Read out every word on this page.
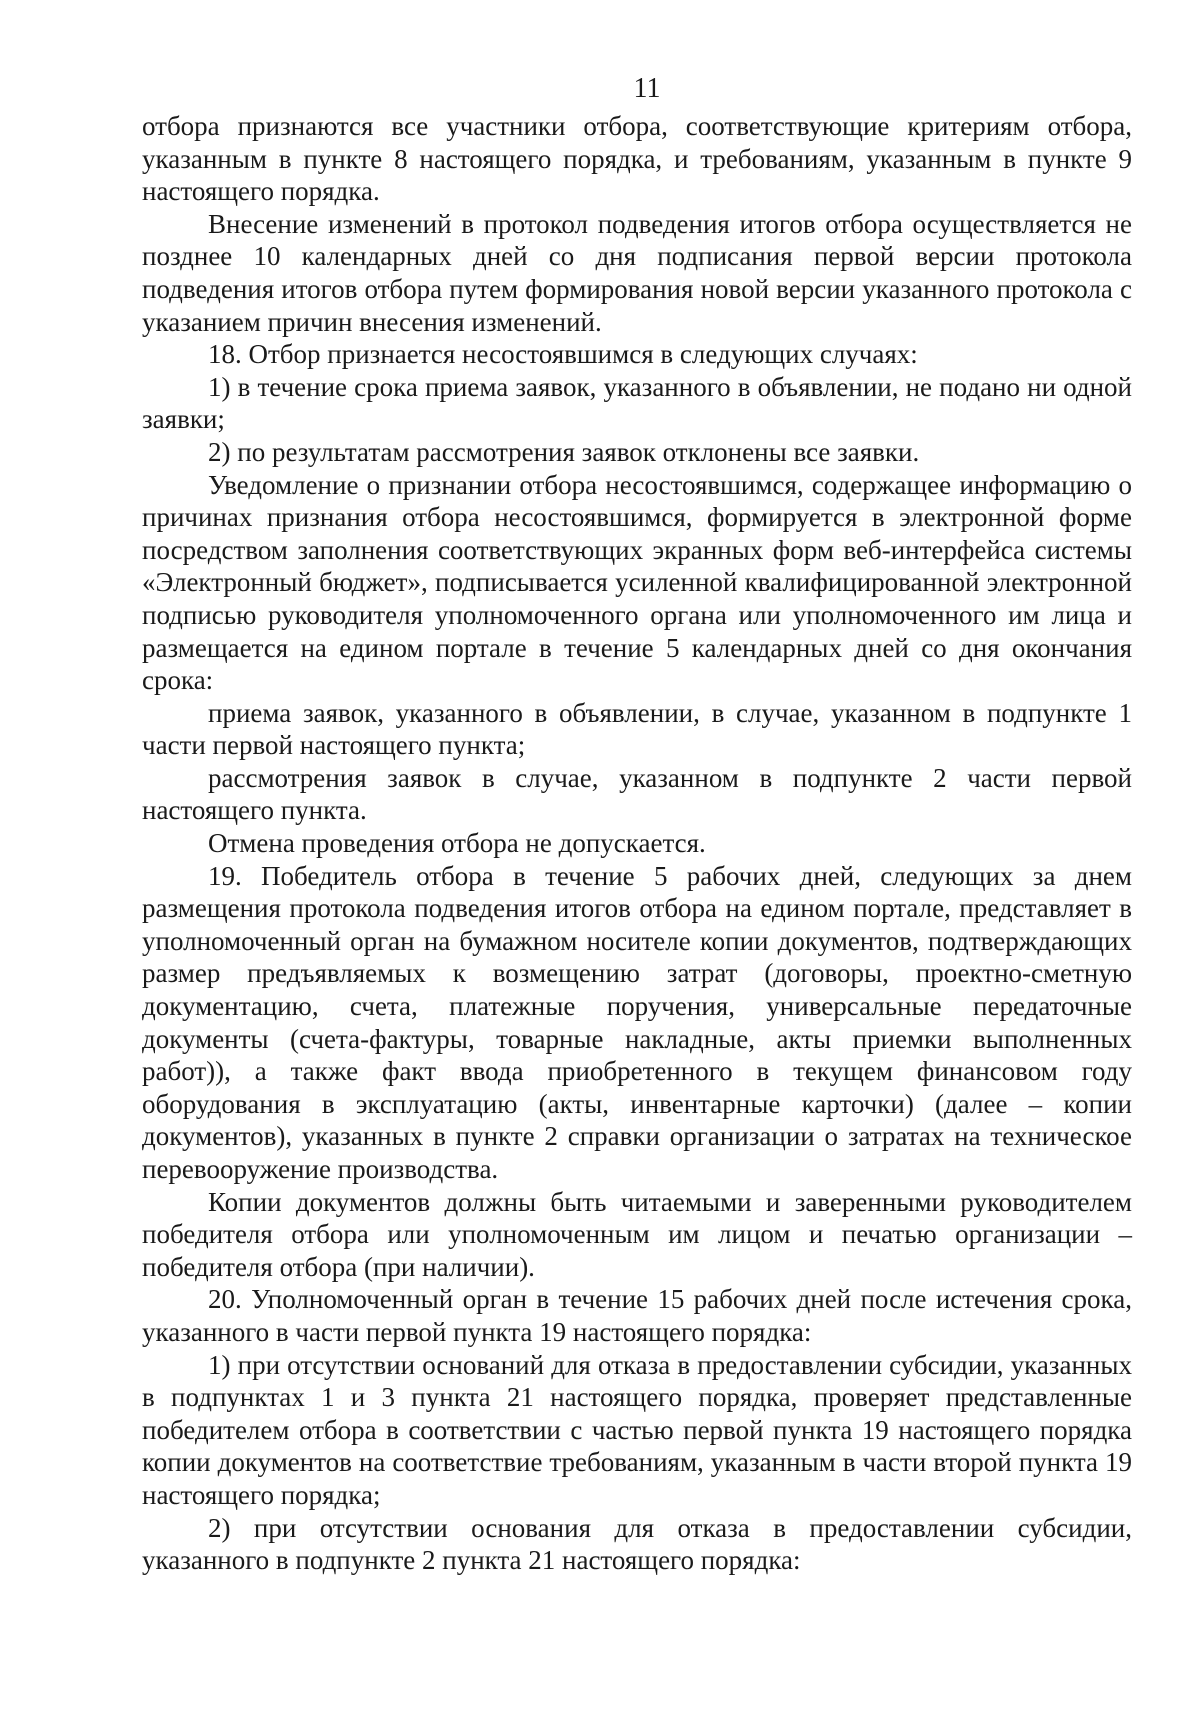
11

отбора признаются все участники отбора, соответствующие критериям отбора, указанным в пункте 8 настоящего порядка, и требованиям, указанным в пункте 9 настоящего порядка.

Внесение изменений в протокол подведения итогов отбора осуществляется не позднее 10 календарных дней со дня подписания первой версии протокола подведения итогов отбора путем формирования новой версии указанного протокола с указанием причин внесения изменений.

18. Отбор признается несостоявшимся в следующих случаях:

1) в течение срока приема заявок, указанного в объявлении, не подано ни одной заявки;

2) по результатам рассмотрения заявок отклонены все заявки.

Уведомление о признании отбора несостоявшимся, содержащее информацию о причинах признания отбора несостоявшимся, формируется в электронной форме посредством заполнения соответствующих экранных форм веб-интерфейса системы «Электронный бюджет», подписывается усиленной квалифицированной электронной подписью руководителя уполномоченного органа или уполномоченного им лица и размещается на едином портале в течение 5 календарных дней со дня окончания срока:

приема заявок, указанного в объявлении, в случае, указанном в подпункте 1 части первой настоящего пункта;

рассмотрения заявок в случае, указанном в подпункте 2 части первой настоящего пункта.

Отмена проведения отбора не допускается.

19. Победитель отбора в течение 5 рабочих дней, следующих за днем размещения протокола подведения итогов отбора на едином портале, представляет в уполномоченный орган на бумажном носителе копии документов, подтверждающих размер предъявляемых к возмещению затрат (договоры, проектно-сметную документацию, счета, платежные поручения, универсальные передаточные документы (счета-фактуры, товарные накладные, акты приемки выполненных работ)), а также факт ввода приобретенного в текущем финансовом году оборудования в эксплуатацию (акты, инвентарные карточки) (далее – копии документов), указанных в пункте 2 справки организации о затратах на техническое перевооружение производства.

Копии документов должны быть читаемыми и заверенными руководителем победителя отбора или уполномоченным им лицом и печатью организации – победителя отбора (при наличии).

20. Уполномоченный орган в течение 15 рабочих дней после истечения срока, указанного в части первой пункта 19 настоящего порядка:

1) при отсутствии оснований для отказа в предоставлении субсидии, указанных в подпунктах 1 и 3 пункта 21 настоящего порядка, проверяет представленные победителем отбора в соответствии с частью первой пункта 19 настоящего порядка копии документов на соответствие требованиям, указанным в части второй пункта 19 настоящего порядка;

2) при отсутствии основания для отказа в предоставлении субсидии, указанного в подпункте 2 пункта 21 настоящего порядка:
